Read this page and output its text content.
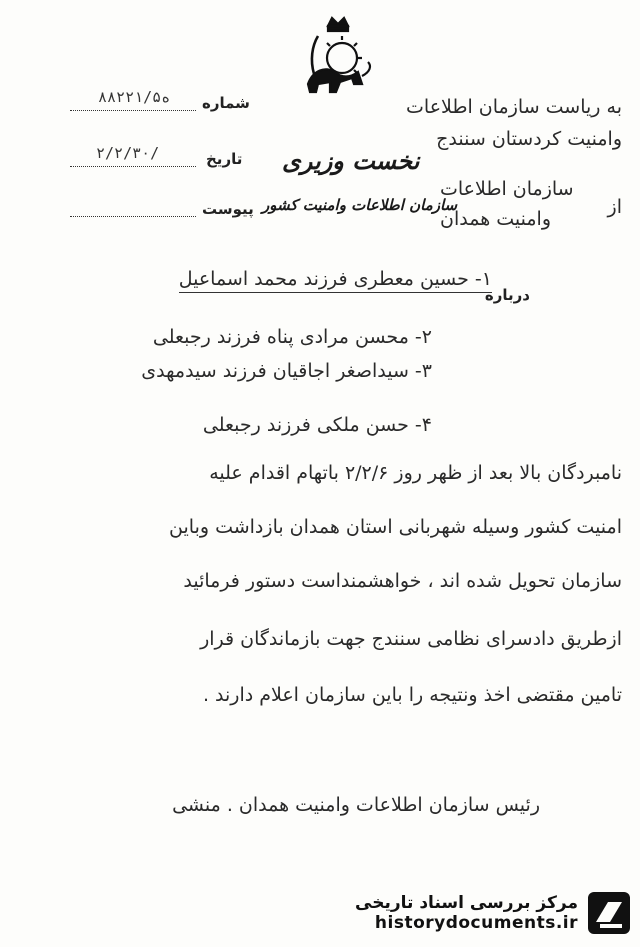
به ریاست سازمان اطلاعات
وامنیت کردستان سنندج
نخست وزیری
سازمان اطلاعات وامنیت کشور
سازمان اطلاعات
وامنیت همدان
از
شماره
۸۸۲۲۱/۵ه
تاریخ
۲/۲/۳۰/
پیوست
درباره
۱- حسین معطری فرزند محمد اسماعیل
۲- محسن مرادی پناه فرزند رجبعلی
۳- سیداصغر اجاقیان فرزند سیدمهدی
۴- حسن ملکی فرزند رجبعلی
نامبردگان بالا بعد از ظهر روز ۲/۲/۶ باتهام اقدام علیه
امنیت کشور وسیله شهربانی استان همدان بازداشت وباین
سازمان تحویل شده اند ، خواهشمنداست دستور فرمائید
ازطریق دادسرای نظامی سنندج جهت بازماندگان قرار
تامین مقتضی اخذ ونتیجه را باین سازمان اعلام دارند .
رئیس سازمان اطلاعات وامنیت همدان . منشی
مرکز بررسی اسناد تاریخی
historydocuments.ir
